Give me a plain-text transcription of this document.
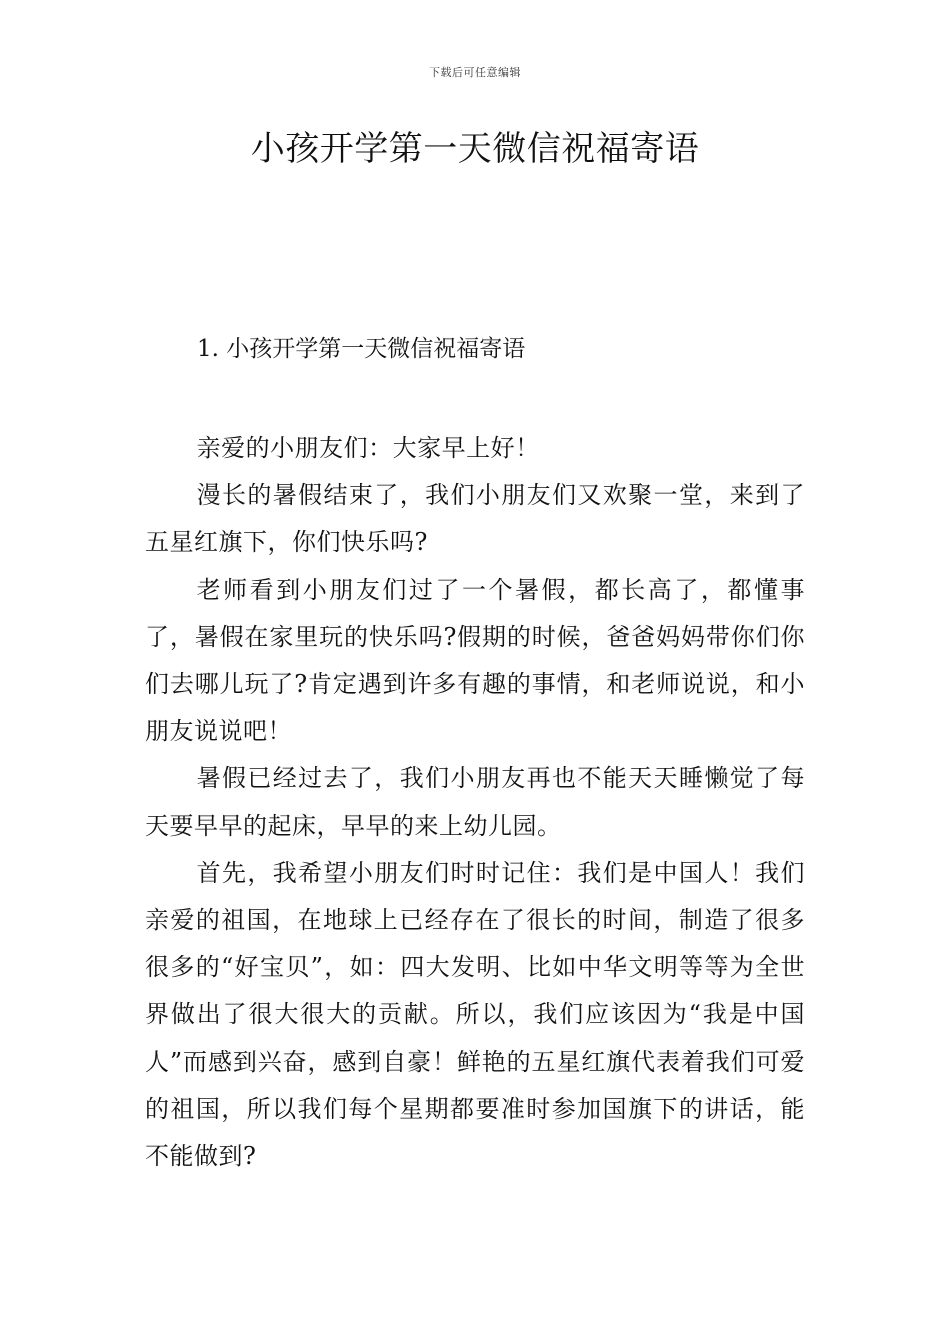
下载后可任意编辑
小孩开学第一天微信祝福寄语
1. 小孩开学第一天微信祝福寄语

亲爱的小朋友们：大家早上好！

漫长的暑假结束了，我们小朋友们又欢聚一堂，来到了五星红旗下，你们快乐吗?

老师看到小朋友们过了一个暑假，都长高了，都懂事了，暑假在家里玩的快乐吗?假期的时候，爸爸妈妈带你们你们去哪儿玩了?肯定遇到许多有趣的事情，和老师说说，和小朋友说说吧！

暑假已经过去了，我们小朋友再也不能天天睡懒觉了每天要早早的起床，早早的来上幼儿园。

首先，我希望小朋友们时时记住：我们是中国人！我们亲爱的祖国，在地球上已经存在了很长的时间，制造了很多很多的“好宝贝”，如：四大发明、比如中华文明等等为全世界做出了很大很大的贡献。所以，我们应该因为“我是中国人”而感到兴奋，感到自豪！鲜艳的五星红旗代表着我们可爱的祖国，所以我们每个星期都要准时参加国旗下的讲话，能不能做到?
